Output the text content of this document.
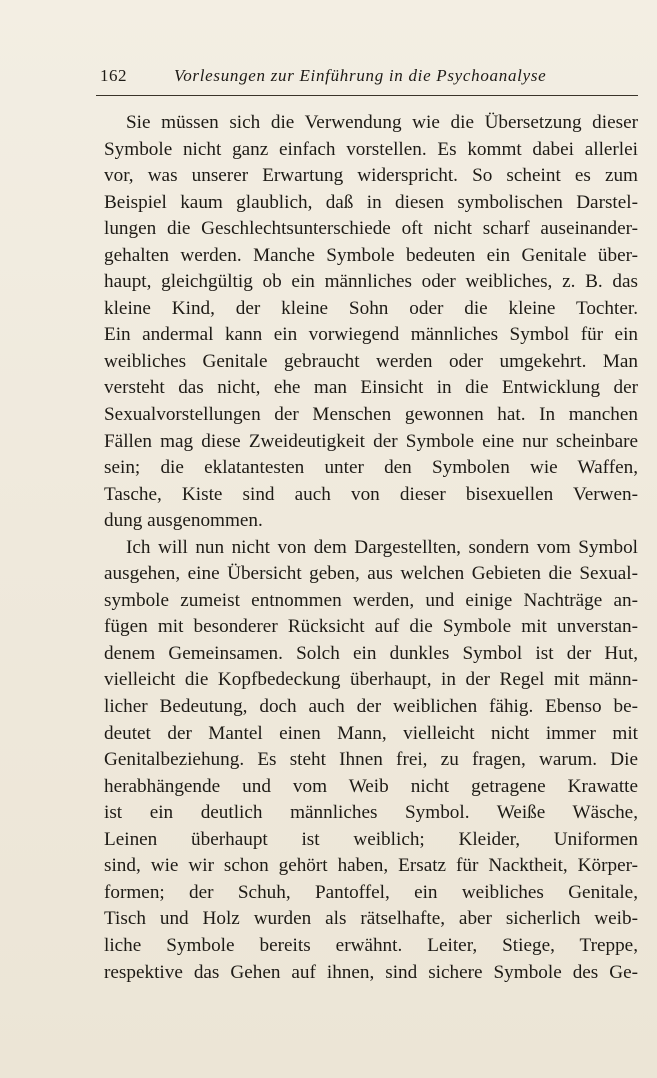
162	Vorlesungen zur Einführung in die Psychoanalyse
Sie müssen sich die Verwendung wie die Übersetzung dieser
Symbole nicht ganz einfach vorstellen. Es kommt dabei allerlei
vor, was unserer Erwartung widerspricht. So scheint es zum
Beispiel kaum glaublich, daß in diesen symbolischen Darstel-
lungen die Geschlechtsunterschiede oft nicht scharf auseinander-
gehalten werden. Manche Symbole bedeuten ein Genitale über-
haupt, gleichgültig ob ein männliches oder weibliches, z. B. das
kleine Kind, der kleine Sohn oder die kleine Tochter.
Ein andermal kann ein vorwiegend männliches Symbol für ein
weibliches Genitale gebraucht werden oder umgekehrt. Man
versteht das nicht, ehe man Einsicht in die Entwicklung der
Sexualvorstellungen der Menschen gewonnen hat. In manchen
Fällen mag diese Zweideutigkeit der Symbole eine nur scheinbare
sein; die eklatantesten unter den Symbolen wie Waffen,
Tasche, Kiste sind auch von dieser bisexuellen Verwen-
dung ausgenommen.
Ich will nun nicht von dem Dargestellten, sondern vom Symbol
ausgehen, eine Übersicht geben, aus welchen Gebieten die Sexual-
symbole zumeist entnommen werden, und einige Nachträge an-
fügen mit besonderer Rücksicht auf die Symbole mit unverstan-
denem Gemeinsamen. Solch ein dunkles Symbol ist der Hut,
vielleicht die Kopfbedeckung überhaupt, in der Regel mit männ-
licher Bedeutung, doch auch der weiblichen fähig. Ebenso be-
deutet der Mantel einen Mann, vielleicht nicht immer mit
Genitalbeziehung. Es steht Ihnen frei, zu fragen, warum. Die
herabhängende und vom Weib nicht getragene Krawatte
ist ein deutlich männliches Symbol. Weiße Wäsche,
Leinen überhaupt ist weiblich; Kleider, Uniformen
sind, wie wir schon gehört haben, Ersatz für Nacktheit, Körper-
formen; der Schuh, Pantoffel, ein weibliches Genitale,
Tisch und Holz wurden als rätselhafte, aber sicherlich weib-
liche Symbole bereits erwähnt. Leiter, Stiege, Treppe,
respektive das Gehen auf ihnen, sind sichere Symbole des Ge-
